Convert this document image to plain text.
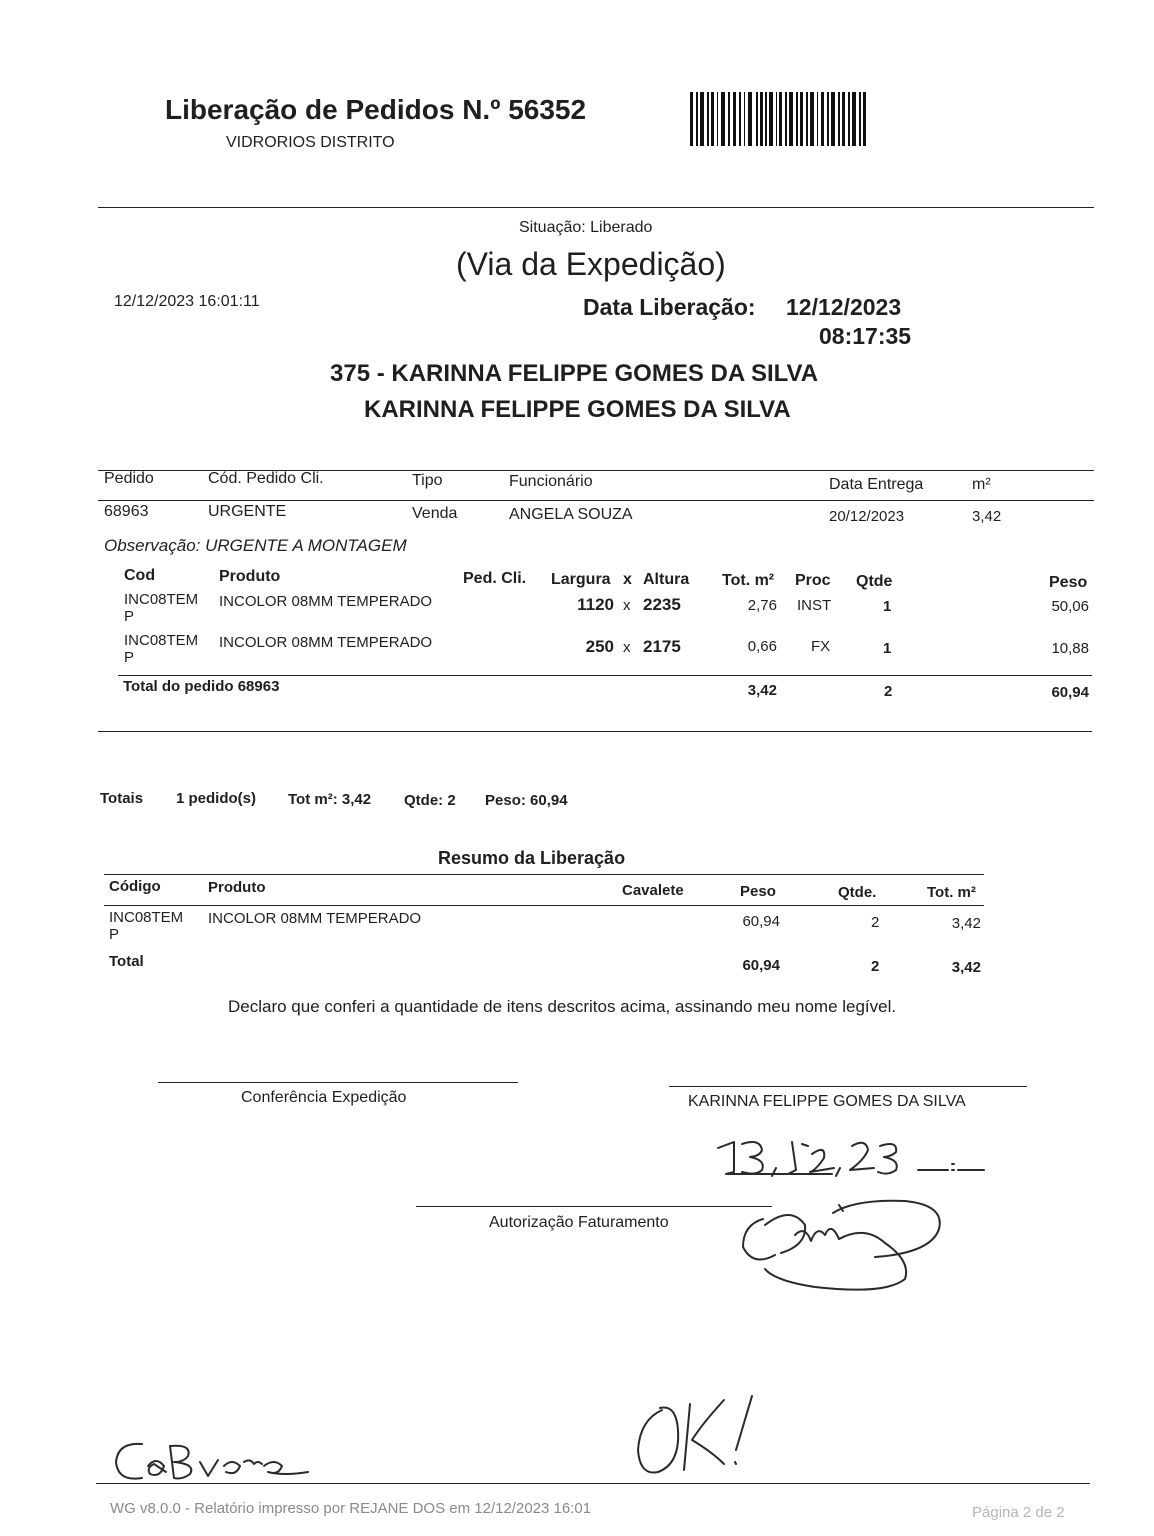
Liberação de Pedidos N.º 56352
VIDRORIOS DISTRITO
Situação: Liberado
(Via da Expedição)
12/12/2023 16:01:11	Data Liberação: 12/12/2023
08:17:35
375 - KARINNA FELIPPE GOMES DA SILVA
KARINNA FELIPPE GOMES DA SILVA
Pedido	Cód. Pedido Cli.	Tipo	Funcionário	Data Entrega	m²
68963	URGENTE	Venda	ANGELA SOUZA	20/12/2023	3,42
Observação: URGENTE A MONTAGEM
Cod	Produto	Ped. Cli. Largura x Altura Tot. m² Proc Qtde	Peso
INC08TEM
P
INCOLOR 08MM TEMPERADO	1120 x 2235	2,76 INST	1	50,06
INC08TEM
P
INCOLOR 08MM TEMPERADO	250 x 2175	0,66 FX	1	10,88
Total do pedido 68963	3,42	2	60,94
Totais 1 pedido(s) Tot m²: 3,42 Qtde: 2 Peso: 60,94
Resumo da Liberação
Código	Produto	Cavalete	Peso	Qtde.	Tot. m²
INC08TEM
P
INCOLOR 08MM TEMPERADO	60,94	2	3,42
Total	60,94	2	3,42
Declaro que conferi a quantidade de itens descritos acima, assinando meu nome legível.
Conferência Expedição	KARINNA FELIPPE GOMES DA SILVA
Autorização Faturamento
WG v8.0.0 - Relatório impresso por REJANE DOS em 12/12/2023 16:01	Página 2 de 2
